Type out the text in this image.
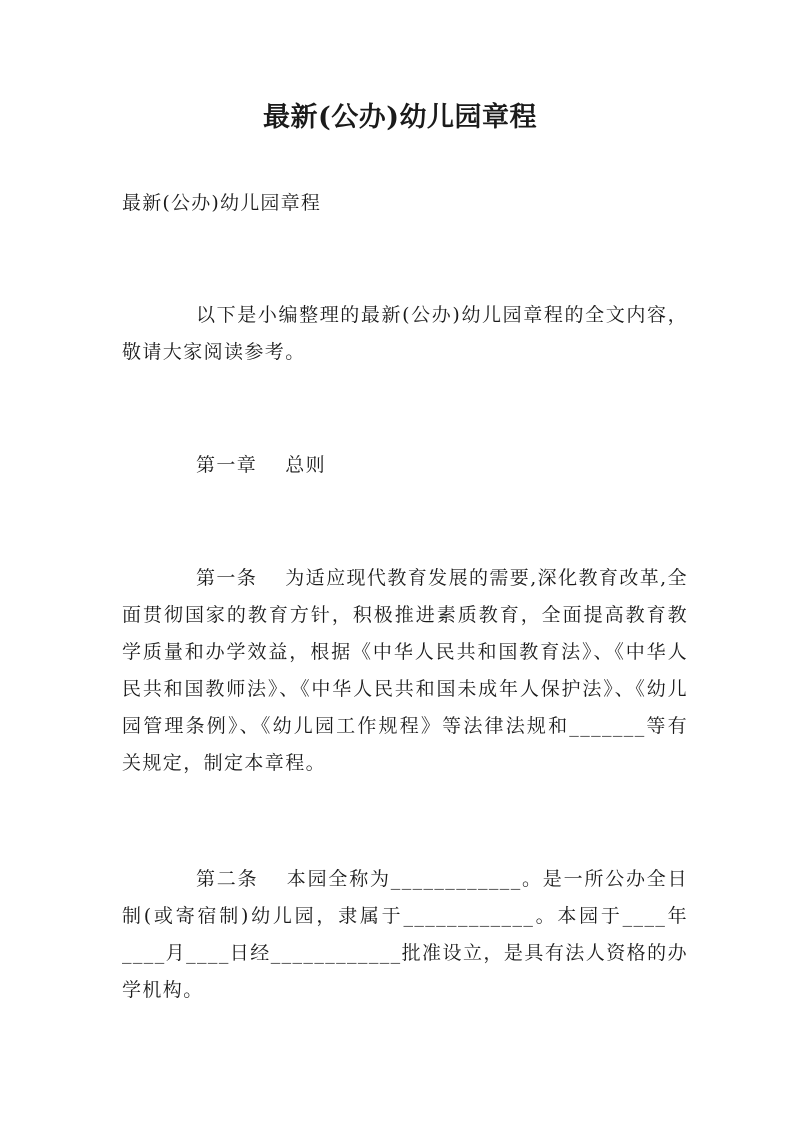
最新(公办)幼儿园章程
最新(公办)幼儿园章程
以下是小编整理的最新(公办)幼儿园章程的全文内容，敬请大家阅读参考。
第一章 总则
第一条 为适应现代教育发展的需要,深化教育改革,全面贯彻国家的教育方针，积极推进素质教育，全面提高教育教学质量和办学效益，根据《中华人民共和国教育法》、《中华人民共和国教师法》、《中华人民共和国未成年人保护法》、《幼儿园管理条例》、《幼儿园工作规程》等法律法规和_______等有关规定，制定本章程。
第二条 本园全称为____________。是一所公办全日制(或寄宿制)幼儿园，隶属于____________。本园于____年____月____日经____________批准设立，是具有法人资格的办学机构。
